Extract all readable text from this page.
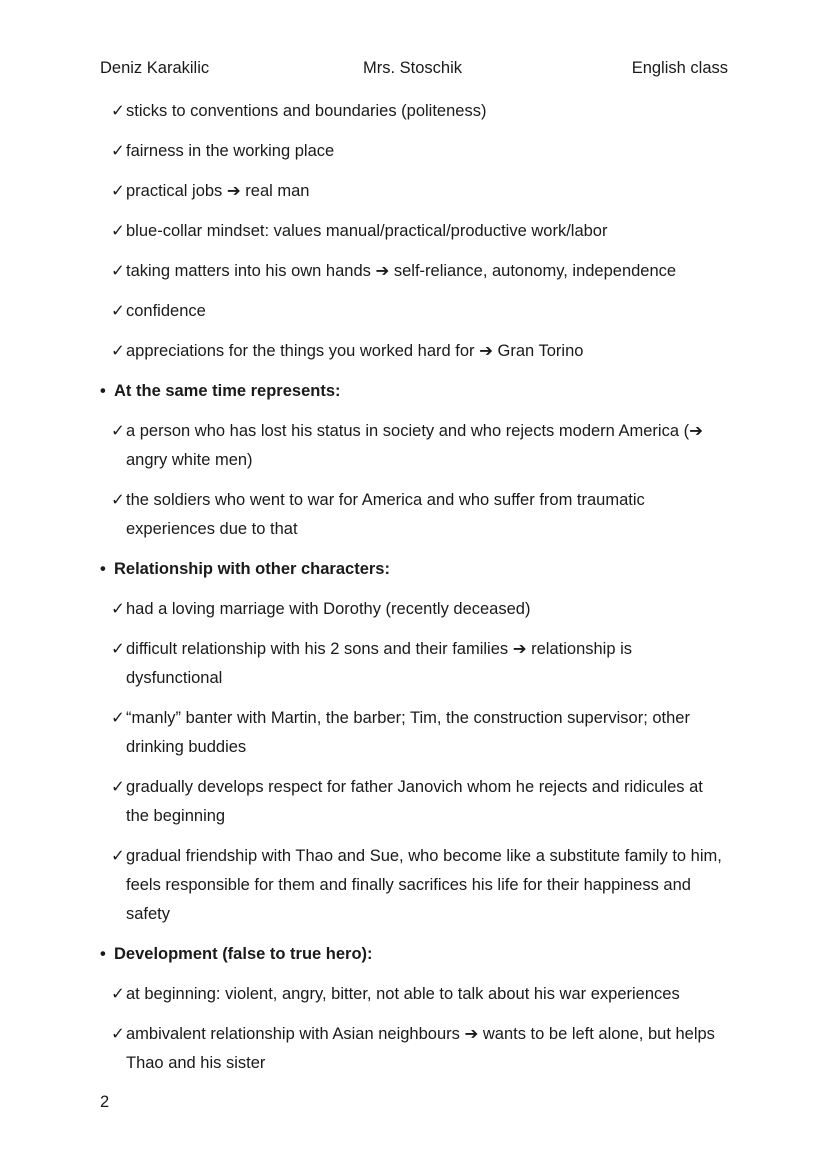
Deniz Karakilic	Mrs. Stoschik	English class
✓ sticks to conventions and boundaries (politeness)
✓ fairness in the working place
✓ practical jobs ➔ real man
✓ blue-collar mindset: values manual/practical/productive work/labor
✓ taking matters into his own hands ➔ self-reliance, autonomy, independence
✓ confidence
✓ appreciations for the things you worked hard for ➔ Gran Torino
• At the same time represents:
✓ a person who has lost his status in society and who rejects modern America (➔ angry white men)
✓ the soldiers who went to war for America and who suffer from traumatic experiences due to that
• Relationship with other characters:
✓ had a loving marriage with Dorothy (recently deceased)
✓ difficult relationship with his 2 sons and their families ➔ relationship is dysfunctional
✓ “manly” banter with Martin, the barber; Tim, the construction supervisor; other drinking buddies
✓ gradually develops respect for father Janovich whom he rejects and ridicules at the beginning
✓ gradual friendship with Thao and Sue, who become like a substitute family to him, feels responsible for them and finally sacrifices his life for their happiness and safety
• Development (false to true hero):
✓ at beginning: violent, angry, bitter, not able to talk about his war experiences
✓ ambivalent relationship with Asian neighbours ➔ wants to be left alone, but helps Thao and his sister
2
